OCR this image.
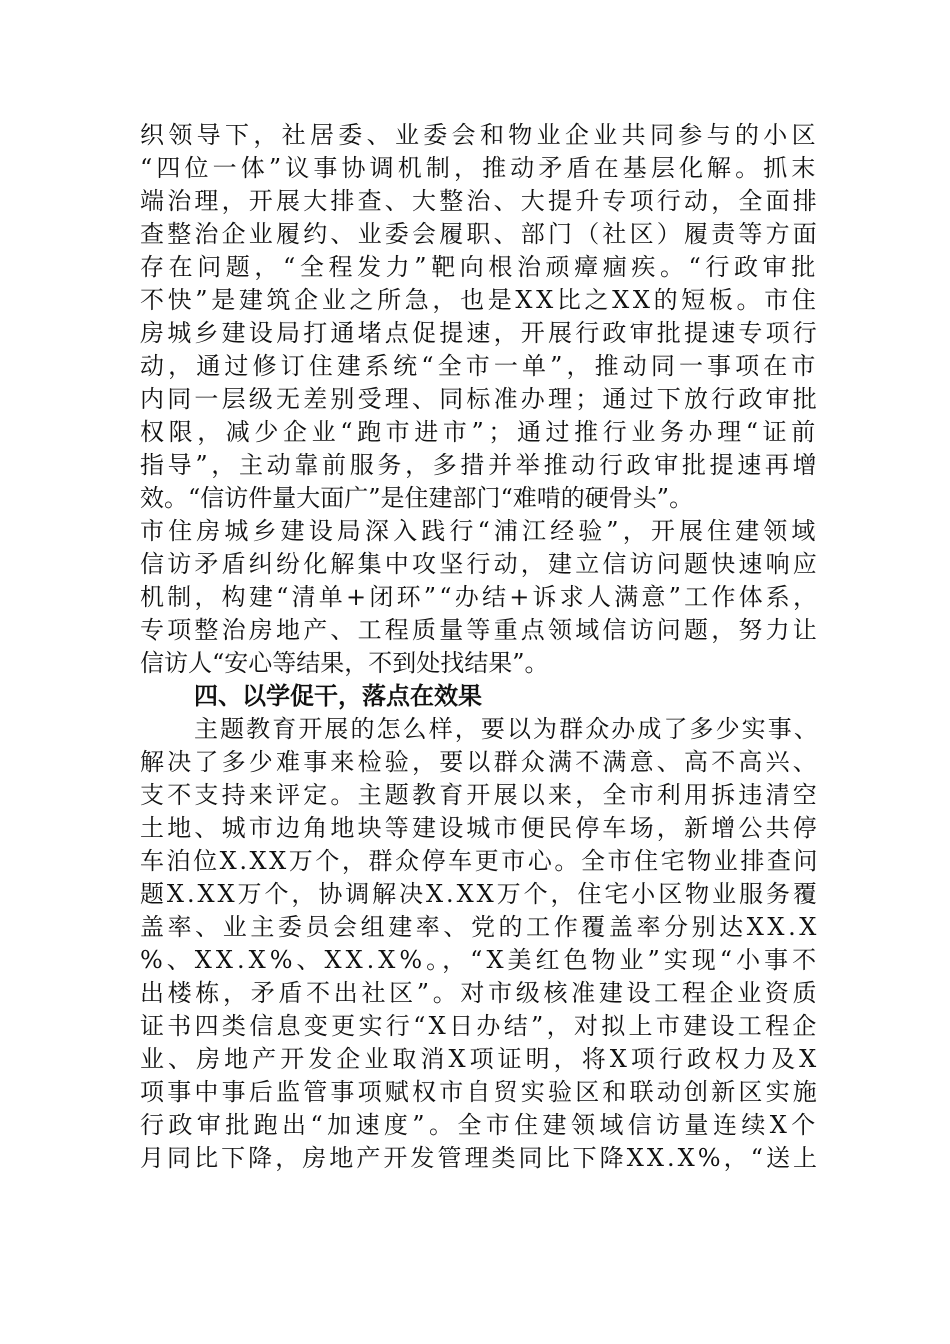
织领导下，社居委、业委会和物业企业共同参与的小区
“四位一体”议事协调机制，推动矛盾在基层化解。抓末
端治理，开展大排查、大整治、大提升专项行动，全面排
查整治企业履约、业委会履职、部门（社区）履责等方面
存在问题，“全程发力”靶向根治顽瘴痼疾。“行政审批
不快”是建筑企业之所急，也是XX比之XX的短板。市住
房城乡建设局打通堵点促提速，开展行政审批提速专项行
动，通过修订住建系统“全市一单”，推动同一事项在市
内同一层级无差别受理、同标准办理；通过下放行政审批
权限，减少企业“跑市进市”；通过推行业务办理“证前
指导”，主动靠前服务，多措并举推动行政审批提速再增
效。“信访件量大面广”是住建部门“难啃的硬骨头”。
市住房城乡建设局深入践行“浦江经验”，开展住建领域
信访矛盾纠纷化解集中攻坚行动，建立信访问题快速响应
机制，构建“清单+闭环”“办结+诉求人满意”工作体系，
专项整治房地产、工程质量等重点领域信访问题，努力让
信访人“安心等结果，不到处找结果”。
四、以学促干，落点在效果
主题教育开展的怎么样，要以为群众办成了多少实事、
解决了多少难事来检验，要以群众满不满意、高不高兴、
支不支持来评定。主题教育开展以来，全市利用拆违清空
土地、城市边角地块等建设城市便民停车场，新增公共停
车泊位X.XX万个，群众停车更市心。全市住宅物业排查问
题X.XX万个，协调解决X.XX万个，住宅小区物业服务覆
盖率、业主委员会组建率、党的工作覆盖率分别达XX.X
%、XX.X%、XX.X%。，“X美红色物业”实现“小事不
出楼栋，矛盾不出社区”。对市级核准建设工程企业资质
证书四类信息变更实行“X日办结”，对拟上市建设工程企
业、房地产开发企业取消X项证明，将X项行政权力及X
项事中事后监管事项赋权市自贸实验区和联动创新区实施
行政审批跑出“加速度”。全市住建领域信访量连续X个
月同比下降，房地产开发管理类同比下降XX.X%，“送上
